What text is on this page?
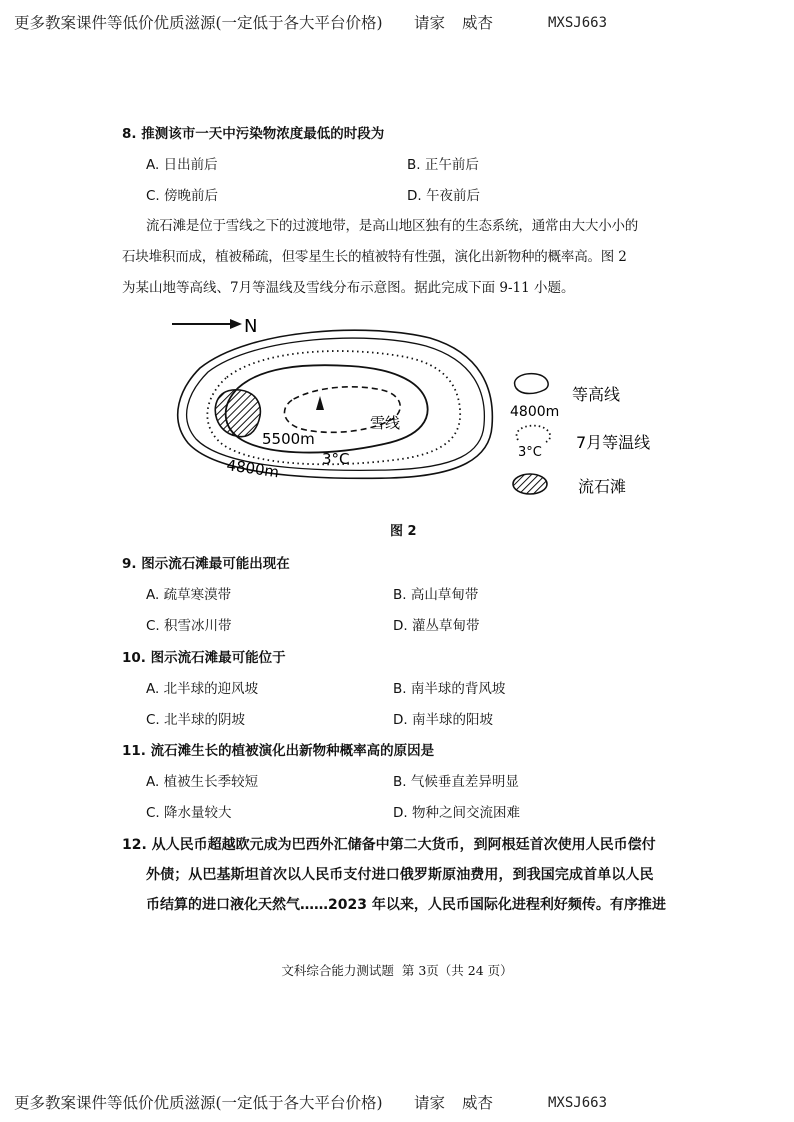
更多教案课件等低价优质滋源(一定低于各大平台价格) 请家 威杏	MXSJ663
8. 推测该市一天中污染物浓度最低的时段为
A. 日出前后	B. 正午前后
C. 傍晚前后	D. 午夜前后
流石滩是位于雪线之下的过渡地带，是高山地区独有的生态系统，通常由大大小小的
石块堆积而成，植被稀疏，但零星生长的植被特有性强，演化出新物种的概率高。图 2
为某山地等高线、7月等温线及雪线分布示意图。据此完成下面 9-11 小题。
N
雪线
5500m
4800m	3°C
4800m
等高线
3°C
7月等温线
流石滩
图 2
9. 图示流石滩最可能出现在
A. 疏草寒漠带	B. 高山草甸带
C. 积雪冰川带	D. 灌丛草甸带
10. 图示流石滩最可能位于
A. 北半球的迎风坡	B. 南半球的背风坡
C. 北半球的阴坡	D. 南半球的阳坡
11. 流石滩生长的植被演化出新物种概率高的原因是
A. 植被生长季较短	B. 气候垂直差异明显
C. 降水量较大	D. 物种之间交流困难
12. 从人民币超越欧元成为巴西外汇储备中第二大货币，到阿根廷首次使用人民币偿付
外债；从巴基斯坦首次以人民币支付进口俄罗斯原油费用，到我国完成首单以人民
币结算的进口液化天然气……2023 年以来，人民币国际化进程利好频传。有序推进
文科综合能力测试题 第 3页（共 24 页）
更多教案课件等低价优质滋源(一定低于各大平台价格) 请家 威杏	MXSJ663
